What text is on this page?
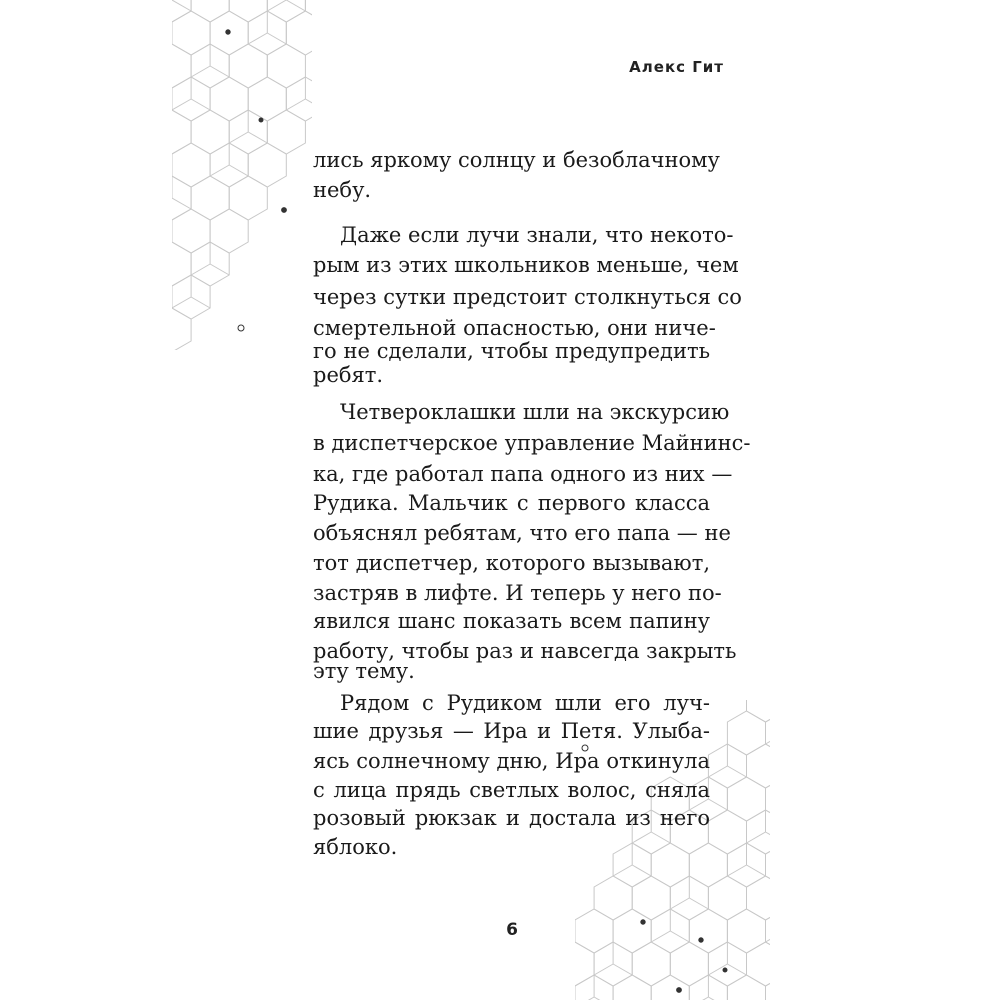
Алекс Гит
лись яркому солнцу и безоблачному
небу.
Даже если лучи знали, что некото-
рым из этих школьников меньше, чем
через сутки предстоит столкнуться со
смертельной опасностью, они ниче-
го не сделали, чтобы предупредить
ребят.
Четвероклашки шли на экскурсию
в диспетчерское управление Майнинс-
ка, где работал папа одного из них —
Рудика. Мальчик с первого класса
объяснял ребятам, что его папа — не
тот диспетчер, которого вызывают,
застряв в лифте. И теперь у него по-
явился шанс показать всем папину
работу, чтобы раз и навсегда закрыть
эту тему.
Рядом с Рудиком шли его луч-
шие друзья — Ира и Петя. Улыба-
ясь солнечному дню, Ира откинула
с лица прядь светлых волос, сняла
розовый рюкзак и достала из него
яблоко.
6
